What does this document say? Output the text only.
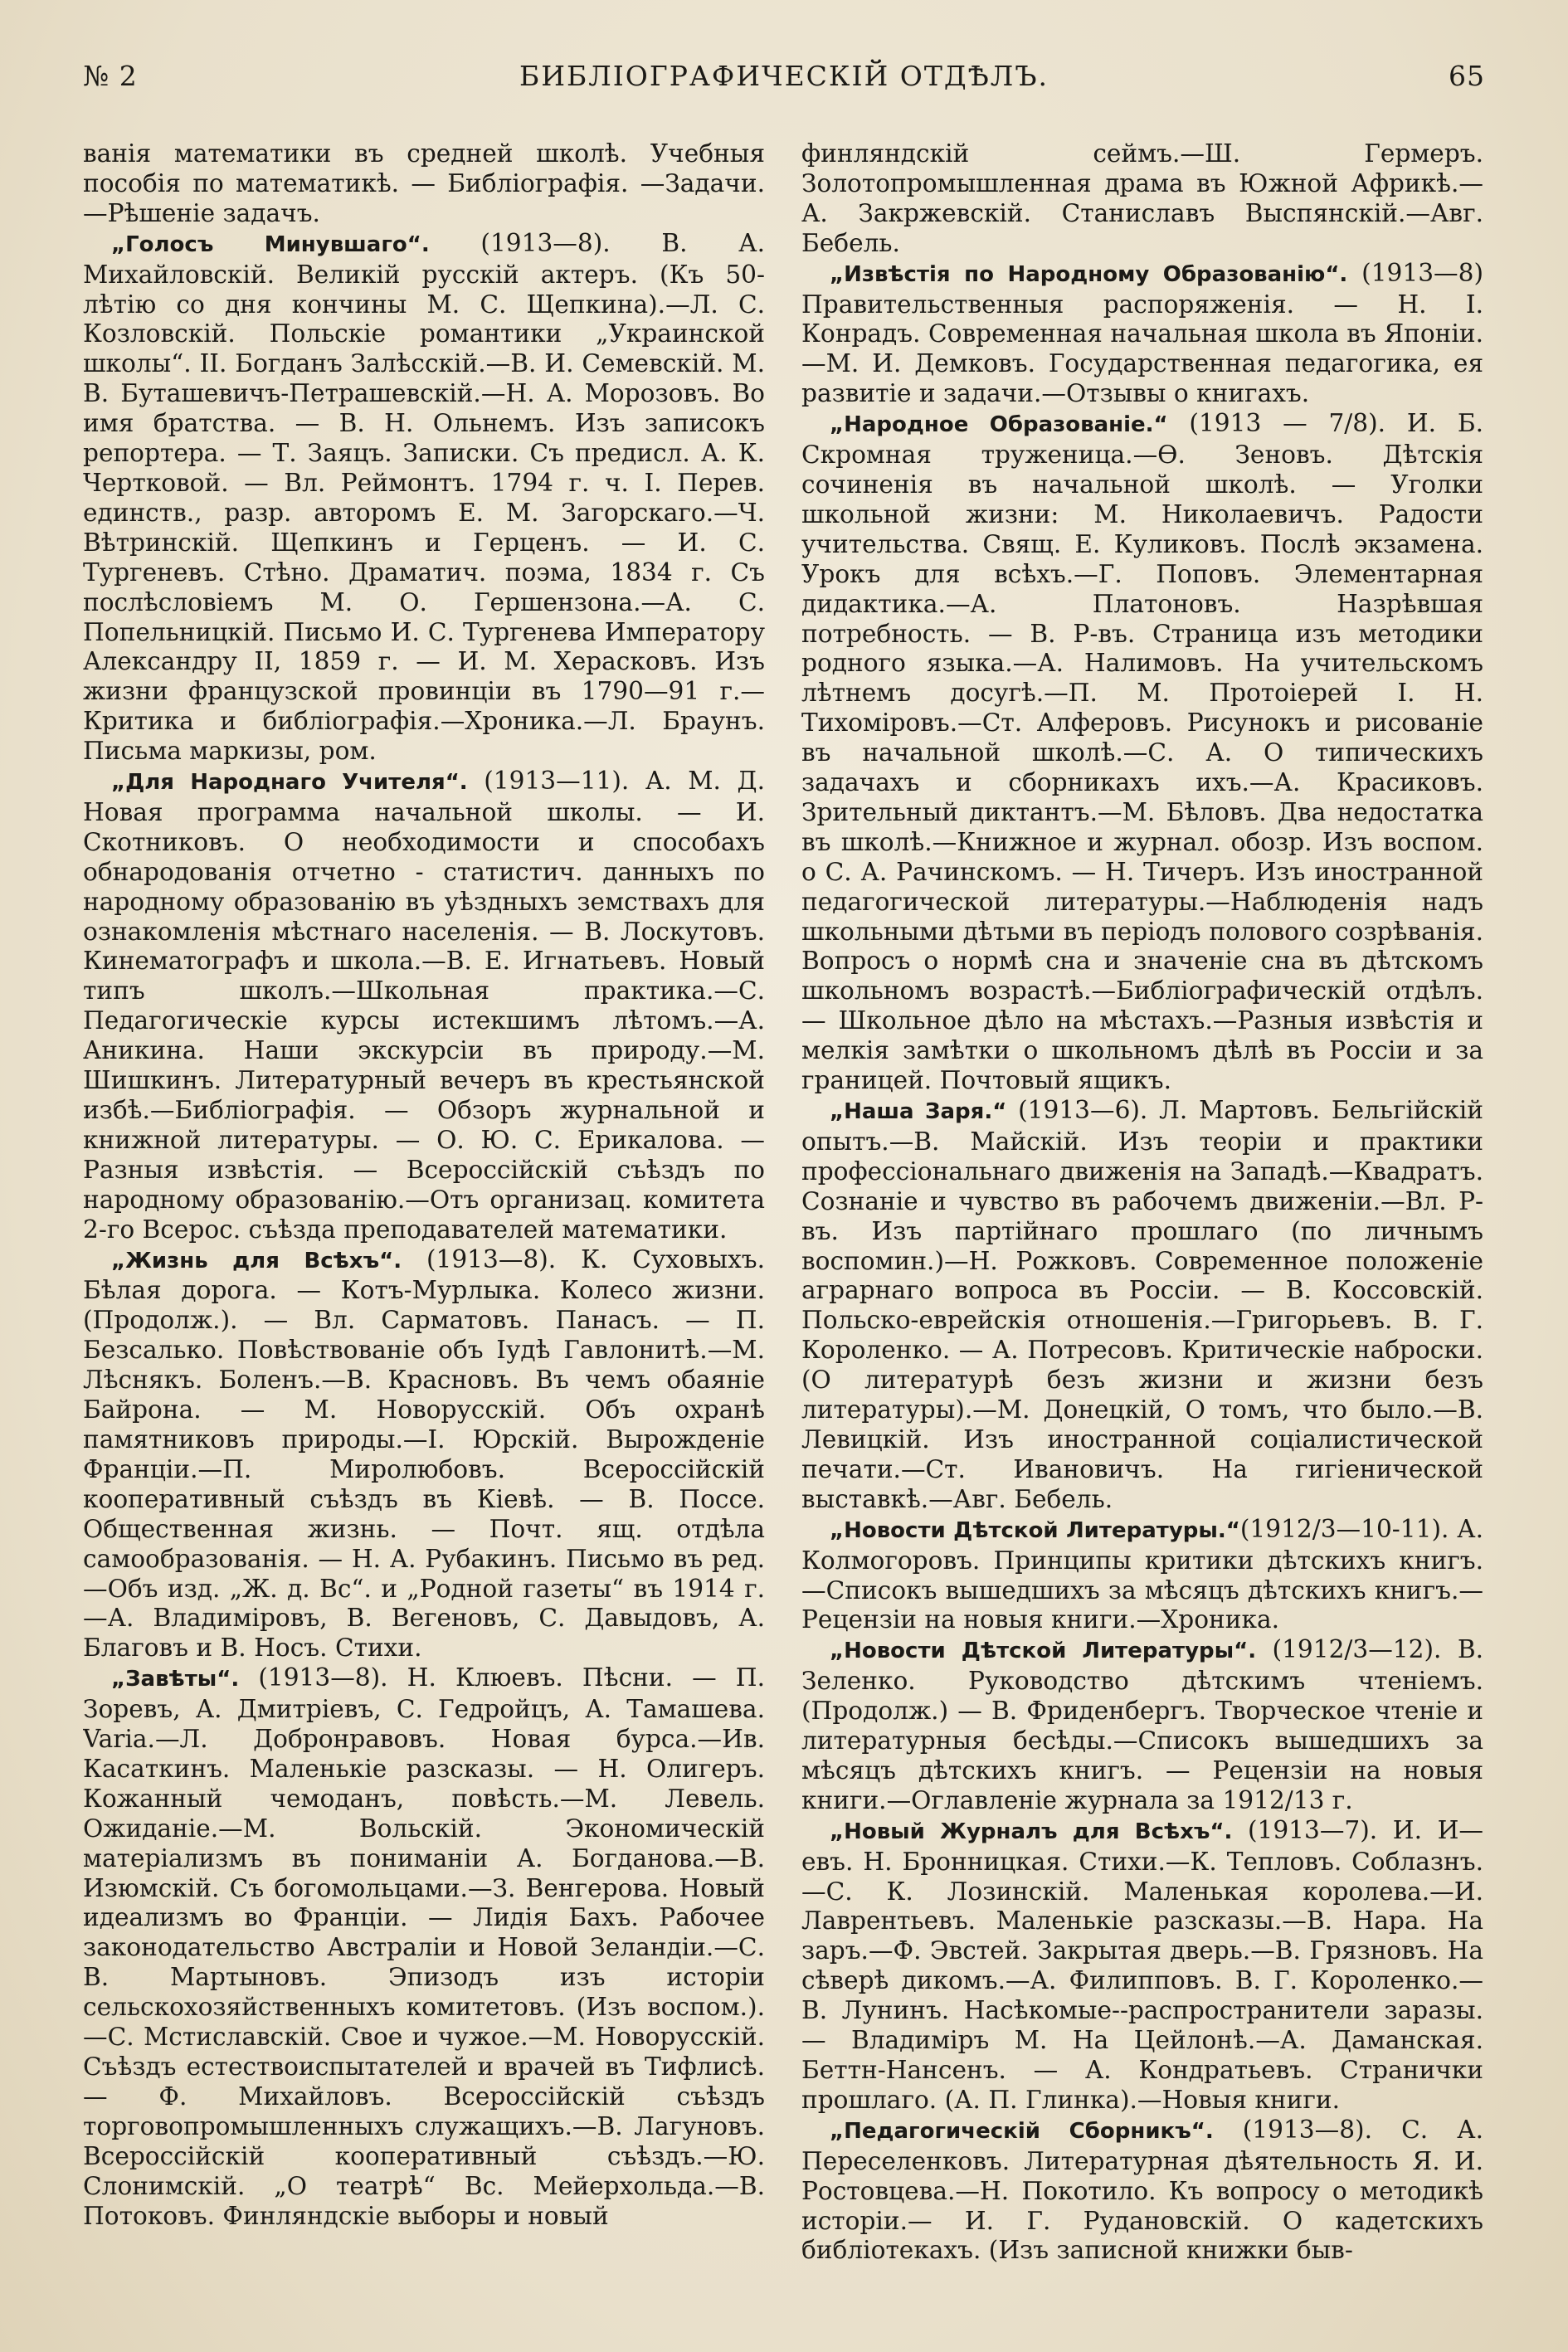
№ 2	БИБЛІОГРАФИЧЕСКІЙ ОТДѢЛЪ.	65

ванія математики въ средней школѣ. Учебныя пособія по математикѣ. — Библіографія. —Задачи.—Рѣшеніе задачъ.

„Голосъ Минувшаго“. (1913—8). В. А. Михайловскій. Великій русскій актеръ. (Къ 50-лѣтію со дня кончины М. С. Щепкина).—Л. С. Козловскій. Польскіе романтики „Украинской школы“. II. Богданъ Залѣсскій.—В. И. Семевскій. М. В. Буташевичъ-Петрашевскій.—Н. А. Морозовъ. Во имя братства. — В. Н. Ольнемъ. Изъ записокъ репортера. — Т. Заяцъ. Записки. Съ предисл. А. К. Чертковой. — Вл. Реймонтъ. 1794 г. ч. I. Перев. единств., разр. авторомъ Е. М. Загорскаго.—Ч. Вѣтринскій. Щепкинъ и Герценъ. — И. С. Тургеневъ. Стѣно. Драматич. поэма, 1834 г. Съ послѣсловіемъ М. О. Гершензона.—А. С. Попельницкій. Письмо И. С. Тургенева Императору Александру II, 1859 г. — И. М. Херасковъ. Изъ жизни французской провинціи въ 1790—91 г.—Критика и библіографія.—Хроника.—Л. Браунъ. Письма маркизы, ром.

„Для Народнаго Учителя“. (1913—11). А. М. Д. Новая программа начальной школы. — И. Скотниковъ. О необходимости и способахъ обнародованія отчетно - статистич. данныхъ по народному образованію въ уѣздныхъ земствахъ для ознакомленія мѣстнаго населенія. — В. Лоскутовъ. Кинематографъ и школа.—В. Е. Игнатьевъ. Новый типъ школъ.—Школьная практика.—С. Педагогическіе курсы истекшимъ лѣтомъ.—А. Аникина. Наши экскурсіи въ природу.—М. Шишкинъ. Литературный вечеръ въ крестьянской избѣ.—Библіографія. — Обзоръ журнальной и книжной литературы. — О. Ю. С. Ерикалова. — Разныя извѣстія. — Всероссійскій съѣздъ по народному образованію.—Отъ организац. комитета 2-го Всерос. съѣзда преподавателей математики.

„Жизнь для Всѣхъ“. (1913—8). К. Суховыхъ. Бѣлая дорога. — Котъ-Мурлыка. Колесо жизни. (Продолж.). — Вл. Сарматовъ. Панасъ. — П. Безсалько. Повѣствованіе объ Іудѣ Гавлонитѣ.—М. Лѣснякъ. Боленъ.—В. Красновъ. Въ чемъ обаяніе Байрона. — М. Новорусскій. Объ охранѣ памятниковъ природы.—I. Юрскій. Вырожденіе Франціи.—П. Миролюбовъ. Всероссійскій кооперативный съѣздъ въ Кіевѣ. — В. Поссе. Общественная жизнь. — Почт. ящ. отдѣла самообразованія. — Н. А. Рубакинъ. Письмо въ ред.—Объ изд. „Ж. д. Вс“. и „Родной газеты“ въ 1914 г.—А. Владиміровъ, В. Вегеновъ, С. Давыдовъ, А. Благовъ и В. Носъ. Стихи.

„Завѣты“. (1913—8). Н. Клюевъ. Пѣсни. — П. Зоревъ, А. Дмитріевъ, С. Гедройцъ, А. Тамашева. Varia.—Л. Добронравовъ. Новая бурса.—Ив. Касаткинъ. Маленькіе разсказы. — Н. Олигеръ. Кожанный чемоданъ, повѣсть.—М. Левель. Ожиданіе.—М. Вольскій. Экономическій матеріализмъ въ пониманіи А. Богданова.—В. Изюмскій. Съ богомольцами.—З. Венгерова. Новый идеализмъ во Франціи. — Лидія Бахъ. Рабочее законодательство Австраліи и Новой Зеландіи.—С. В. Мартыновъ. Эпизодъ изъ исторіи сельскохозяйственныхъ комитетовъ. (Изъ воспом.).—С. Мстиславскій. Свое и чужое.—М. Новорусскій. Съѣздъ естествоиспытателей и врачей въ Тифлисѣ. — Ф. Михайловъ. Всероссійскій съѣздъ торговопромышленныхъ служащихъ.—В. Лагуновъ. Всероссійскій кооперативный съѣздъ.—Ю. Слонимскій. „О театрѣ“ Вс. Мейерхольда.—В. Потоковъ. Финляндскіе выборы и новый

финляндскій сеймъ.—Ш. Гермеръ. Золотопромышленная драма въ Южной Африкѣ.—А. Закржевскій. Станиславъ Выспянскій.—Авг. Бебель.

„Извѣстія по Народному Образованію“. (1913—8) Правительственныя распоряженія. — Н. I. Конрадъ. Современная начальная школа въ Японіи.—М. И. Демковъ. Государственная педагогика, ея развитіе и задачи.—Отзывы о книгахъ.

„Народное Образованіе.“ (1913 — 7/8). И. Б. Скромная труженица.—Ѳ. Зеновъ. Дѣтскія сочиненія въ начальной школѣ. — Уголки школьной жизни: М. Николаевичъ. Радости учительства. Свящ. Е. Куликовъ. Послѣ экзамена. Урокъ для всѣхъ.—Г. Поповъ. Элементарная дидактика.—А. Платоновъ. Назрѣвшая потребность. — В. Р-въ. Страница изъ методики родного языка.—А. Налимовъ. На учительскомъ лѣтнемъ досугѣ.—П. М. Протоіерей I. Н. Тихоміровъ.—Ст. Алферовъ. Рисунокъ и рисованіе въ начальной школѣ.—С. А. О типическихъ задачахъ и сборникахъ ихъ.—А. Красиковъ. Зрительный диктантъ.—М. Бѣловъ. Два недостатка въ школѣ.—Книжное и журнал. обозр. Изъ воспом. о С. А. Рачинскомъ. — Н. Тичеръ. Изъ иностранной педагогической литературы.—Наблюденія надъ школьными дѣтьми въ періодъ полового созрѣванія. Вопросъ о нормѣ сна и значеніе сна въ дѣтскомъ школьномъ возрастѣ.—Библіографическій отдѣлъ. — Школьное дѣло на мѣстахъ.—Разныя извѣстія и мелкія замѣтки о школьномъ дѣлѣ въ Россіи и за границей. Почтовый ящикъ.

„Наша Заря.“ (1913—6). Л. Мартовъ. Бельгійскій опытъ.—В. Майскій. Изъ теоріи и практики профессіональнаго движенія на Западѣ.—Квадратъ. Сознаніе и чувство въ рабочемъ движеніи.—Вл. Р-въ. Изъ партійнаго прошлаго (по личнымъ воспомин.)—Н. Рожковъ. Современное положеніе аграрнаго вопроса въ Россіи. — В. Коссовскій. Польско-еврейскія отношенія.—Григорьевъ. В. Г. Короленко. — А. Потресовъ. Критическіе наброски. (О литературѣ безъ жизни и жизни безъ литературы).—М. Донецкій, О томъ, что было.—В. Левицкій. Изъ иностранной соціалистической печати.—Ст. Ивановичъ. На гигіенической выставкѣ.—Авг. Бебель.

„Новости Дѣтской Литературы.“(1912/3—10-11). А. Колмогоровъ. Принципы критики дѣтскихъ книгъ.—Списокъ вышедшихъ за мѣсяцъ дѣтскихъ книгъ.—Рецензіи на новыя книги.—Хроника.

„Новости Дѣтской Литературы“. (1912/3—12). В. Зеленко. Руководство дѣтскимъ чтеніемъ. (Продолж.) — В. Фриденбергъ. Творческое чтеніе и литературныя бесѣды.—Списокъ вышедшихъ за мѣсяцъ дѣтскихъ книгъ. — Рецензіи на новыя книги.—Оглавленіе журнала за 1912/13 г.

„Новый Журналъ для Всѣхъ“. (1913—7). И. И—евъ. Н. Бронницкая. Стихи.—К. Тепловъ. Соблазнъ.—С. К. Лозинскій. Маленькая королева.—И. Лаврентьевъ. Маленькіе разсказы.—В. Нара. На заръ.—Ф. Эвстей. Закрытая дверь.—В. Грязновъ. На сѣверѣ дикомъ.—А. Филипповъ. В. Г. Короленко.—В. Лунинъ. Насѣкомые--распространители заразы.— Владиміръ М. На Цейлонѣ.—А. Даманская. Беттн-Нансенъ. — А. Кондратьевъ. Странички прошлаго. (А. П. Глинка).—Новыя книги.

„Педагогическій Сборникъ“. (1913—8). С. А. Переселенковъ. Литературная дѣятельность Я. И. Ростовцева.—Н. Покотило. Къ вопросу о методикѣ исторіи.— И. Г. Рудановскій. О кадетскихъ библіотекахъ. (Изъ записной книжки быв-
